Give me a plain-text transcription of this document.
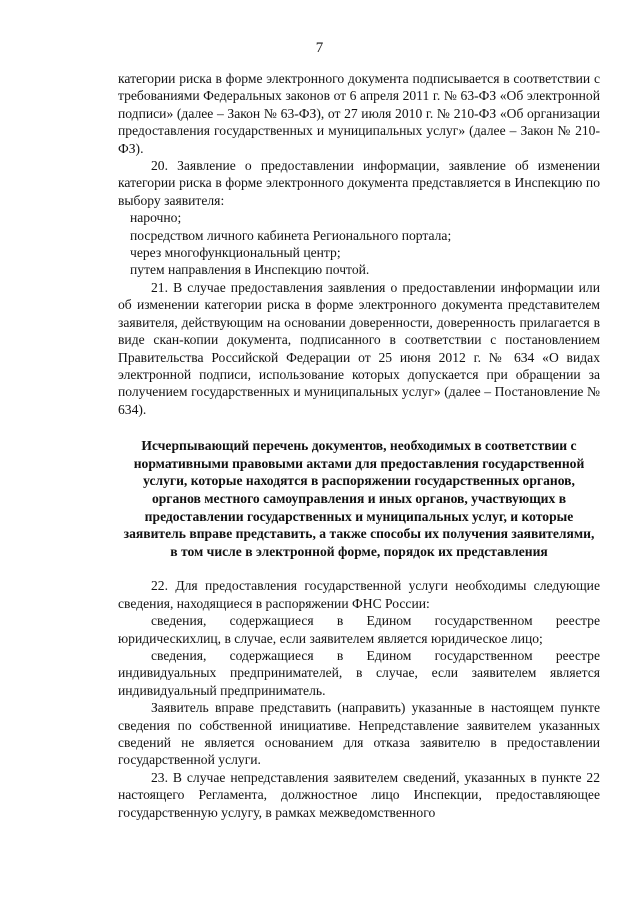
7

категории риска в форме электронного документа подписывается в соответствии с требованиями Федеральных законов от 6 апреля 2011 г. № 63-ФЗ «Об электронной подписи» (далее – Закон № 63-ФЗ), от 27 июля 2010 г. № 210-ФЗ «Об организации предоставления государственных и муниципальных услуг» (далее – Закон № 210-ФЗ).

20. Заявление о предоставлении информации, заявление об изменении категории риска в форме электронного документа представляется в Инспекцию по выбору заявителя:

нарочно;

посредством личного кабинета Регионального портала;

через многофункциональный центр;

путем направления в Инспекцию почтой.

21. В случае предоставления заявления о предоставлении информации или об изменении категории риска в форме электронного документа представителем заявителя, действующим на основании доверенности, доверенность прилагается в виде скан-копии документа, подписанного в соответствии с постановлением Правительства Российской Федерации от 25 июня 2012 г. № 634 «О видах электронной подписи, использование которых допускается при обращении за получением государственных и муниципальных услуг» (далее – Постановление № 634).

Исчерпывающий перечень документов, необходимых в соответствии с нормативными правовыми актами для предоставления государственной услуги, которые находятся в распоряжении государственных органов, органов местного самоуправления и иных органов, участвующих в предоставлении государственных и муниципальных услуг, и которые заявитель вправе представить, а также способы их получения заявителями, в том числе в электронной форме, порядок их представления

22. Для предоставления государственной услуги необходимы следующие сведения, находящиеся в распоряжении ФНС России:

сведения, содержащиеся в Едином государственном реестре юридическихлиц, в случае, если заявителем является юридическое лицо;

сведения, содержащиеся в Едином государственном реестре индивидуальных предпринимателей, в случае, если заявителем является индивидуальный предприниматель.

Заявитель вправе представить (направить) указанные в настоящем пункте сведения по собственной инициативе. Непредставление заявителем указанных сведений не является основанием для отказа заявителю в предоставлении государственной услуги.

23. В случае непредставления заявителем сведений, указанных в пункте 22 настоящего Регламента, должностное лицо Инспекции, предоставляющее государственную услугу, в рамках межведомственного
